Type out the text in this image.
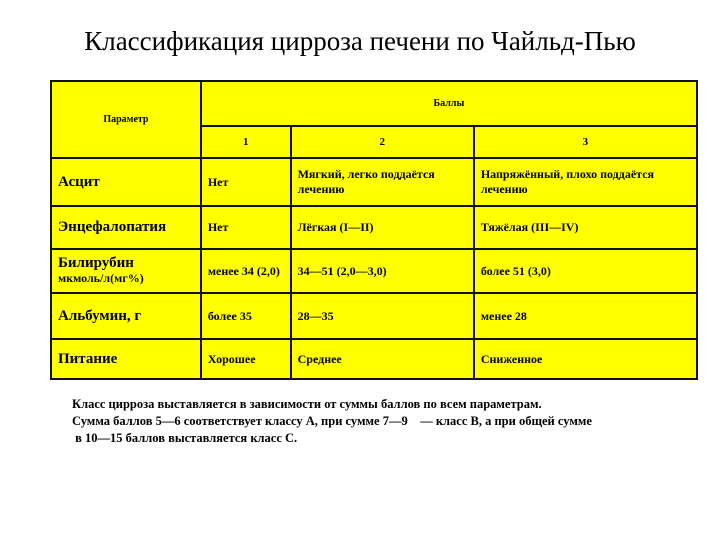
Классификация цирроза печени по Чайльд-Пью
Параметр	Баллы		
	1	2	3
Асцит	Нет	Мягкий, легко поддаётся лечению	Напряжённый, плохо поддаётся лечению
Энцефалопатия	Нет	Лёгкая (I—II)	Тяжёлая (III—IV)

Билирубин
мкмоль/л(мг%)	менее 34 (2,0)	34—51 (2,0—3,0)	более 51 (3,0)
Альбумин, г	более 35	28—35	менее 28
Питание	Хорошее	Среднее	Сниженное
Класс цирроза выставляется в зависимости от суммы баллов по всем параметрам.
Сумма баллов 5—6 соответствует классу A, при сумме 7—9    — класс B, а при общей сумме
в 10—15 баллов выставляется класс C.
